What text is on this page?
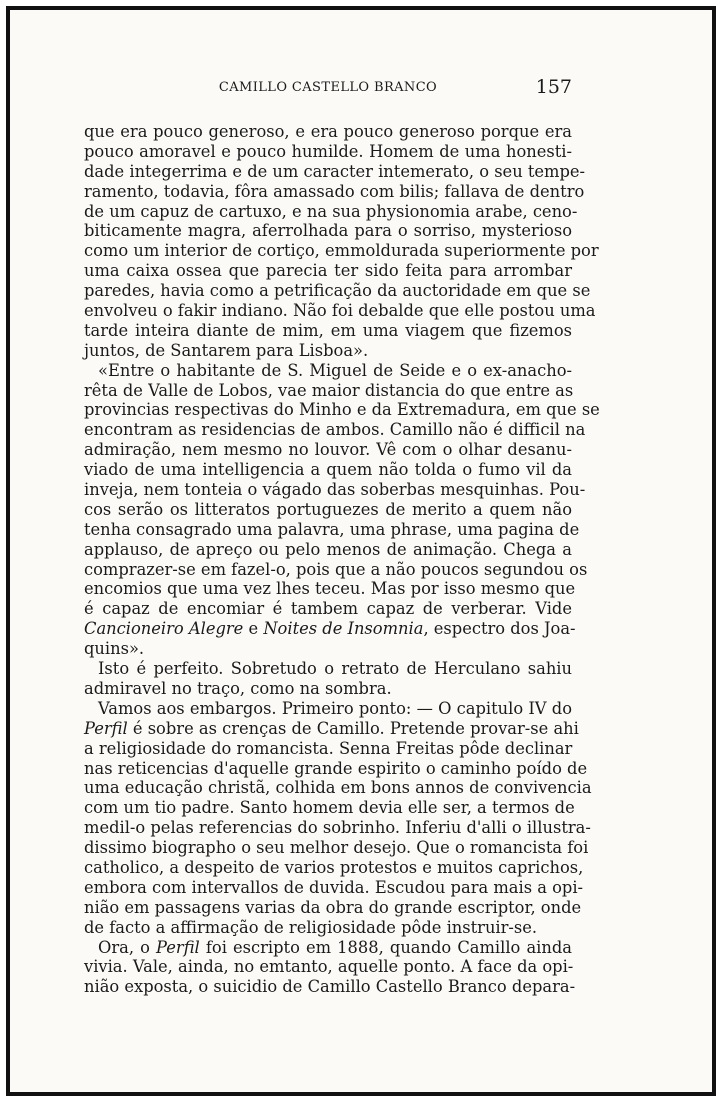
CAMILLO CASTELLO BRANCO	157
que era pouco generoso, e era pouco generoso porque era
pouco amoravel e pouco humilde. Homem de uma honesti-
dade integerrima e de um caracter intemerato, o seu tempe-
ramento, todavia, fôra amassado com bilis; fallava de dentro
de um capuz de cartuxo, e na sua physionomia arabe, ceno-
biticamente magra, aferrolhada para o sorriso, mysterioso
como um interior de cortiço, emmoldurada superiormente por
uma caixa ossea que parecia ter sido feita para arrombar
paredes, havia como a petrificação da auctoridade em que se
envolveu o fakir indiano. Não foi debalde que elle postou uma
tarde inteira diante de mim, em uma viagem que fizemos
juntos, de Santarem para Lisboa».
«Entre o habitante de S. Miguel de Seide e o ex-anacho-
rêta de Valle de Lobos, vae maior distancia do que entre as
provincias respectivas do Minho e da Extremadura, em que se
encontram as residencias de ambos. Camillo não é difficil na
admiração, nem mesmo no louvor. Vê com o olhar desanu-
viado de uma intelligencia a quem não tolda o fumo vil da
inveja, nem tonteia o vágado das soberbas mesquinhas. Pou-
cos serão os litteratos portuguezes de merito a quem não
tenha consagrado uma palavra, uma phrase, uma pagina de
applauso, de apreço ou pelo menos de animação. Chega a
comprazer-se em fazel-o, pois que a não poucos segundou os
encomios que uma vez lhes teceu. Mas por isso mesmo que
é capaz de encomiar é tambem capaz de verberar. Vide
Cancioneiro Alegre e Noites de Insomnia, espectro dos Joa-
quins».
Isto é perfeito. Sobretudo o retrato de Herculano sahiu
admiravel no traço, como na sombra.
Vamos aos embargos. Primeiro ponto: — O capitulo IV do
Perfil é sobre as crenças de Camillo. Pretende provar-se ahi
a religiosidade do romancista. Senna Freitas pôde declinar
nas reticencias d'aquelle grande espirito o caminho poído de
uma educação christã, colhida em bons annos de convivencia
com um tio padre. Santo homem devia elle ser, a termos de
medil-o pelas referencias do sobrinho. Inferiu d'alli o illustra-
dissimo biographo o seu melhor desejo. Que o romancista foi
catholico, a despeito de varios protestos e muitos caprichos,
embora com intervallos de duvida. Escudou para mais a opi-
nião em passagens varias da obra do grande escriptor, onde
de facto a affirmação de religiosidade pôde instruir-se.
Ora, o Perfil foi escripto em 1888, quando Camillo ainda
vivia. Vale, ainda, no emtanto, aquelle ponto. A face da opi-
nião exposta, o suicidio de Camillo Castello Branco depara-
